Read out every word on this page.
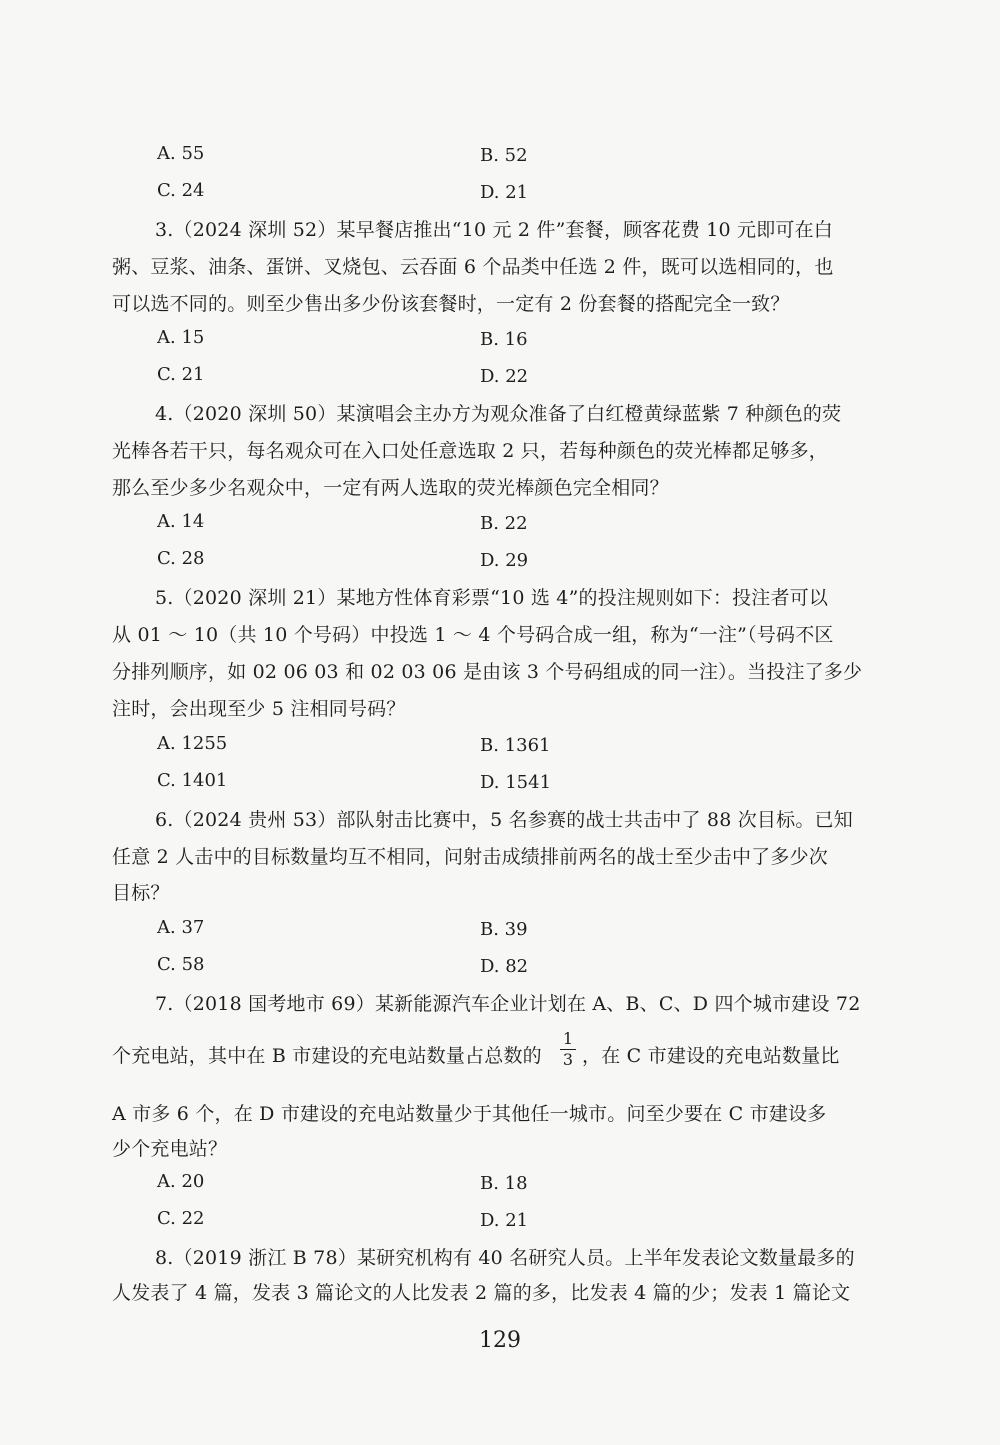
A. 55	B. 52
C. 24	D. 21
3.（2024 深圳 52）某早餐店推出“10 元 2 件”套餐，顾客花费 10 元即可在白
粥、豆浆、油条、蛋饼、叉烧包、云吞面 6 个品类中任选 2 件，既可以选相同的，也
可以选不同的。则至少售出多少份该套餐时，一定有 2 份套餐的搭配完全一致？
A. 15	B. 16
C. 21	D. 22
4.（2020 深圳 50）某演唱会主办方为观众准备了白红橙黄绿蓝紫 7 种颜色的荧
光棒各若干只，每名观众可在入口处任意选取 2 只，若每种颜色的荧光棒都足够多，
那么至少多少名观众中，一定有两人选取的荧光棒颜色完全相同？
A. 14	B. 22
C. 28	D. 29
5.（2020 深圳 21）某地方性体育彩票“10 选 4”的投注规则如下：投注者可以
从 01 ～ 10（共 10 个号码）中投选 1 ～ 4 个号码合成一组，称为“一注”（号码不区
分排列顺序，如 02 06 03 和 02 03 06 是由该 3 个号码组成的同一注）。当投注了多少
注时，会出现至少 5 注相同号码？
A. 1255	B. 1361
C. 1401	D. 1541
6.（2024 贵州 53）部队射击比赛中，5 名参赛的战士共击中了 88 次目标。已知
任意 2 人击中的目标数量均互不相同，问射击成绩排前两名的战士至少击中了多少次
目标？
A. 37	B. 39
C. 58	D. 82
7.（2018 国考地市 69）某新能源汽车企业计划在 A、B、C、D 四个城市建设 72
个充电站，其中在 B 市建设的充电站数量占总数的
1
3 ，在 C 市建设的充电站数量比
A 市多 6 个，在 D 市建设的充电站数量少于其他任一城市。问至少要在 C 市建设多
少个充电站？
A. 20	B. 18
C. 22	D. 21
8.（2019 浙江 B 78）某研究机构有 40 名研究人员。上半年发表论文数量最多的
人发表了 4 篇，发表 3 篇论文的人比发表 2 篇的多，比发表 4 篇的少；发表 1 篇论文
129
